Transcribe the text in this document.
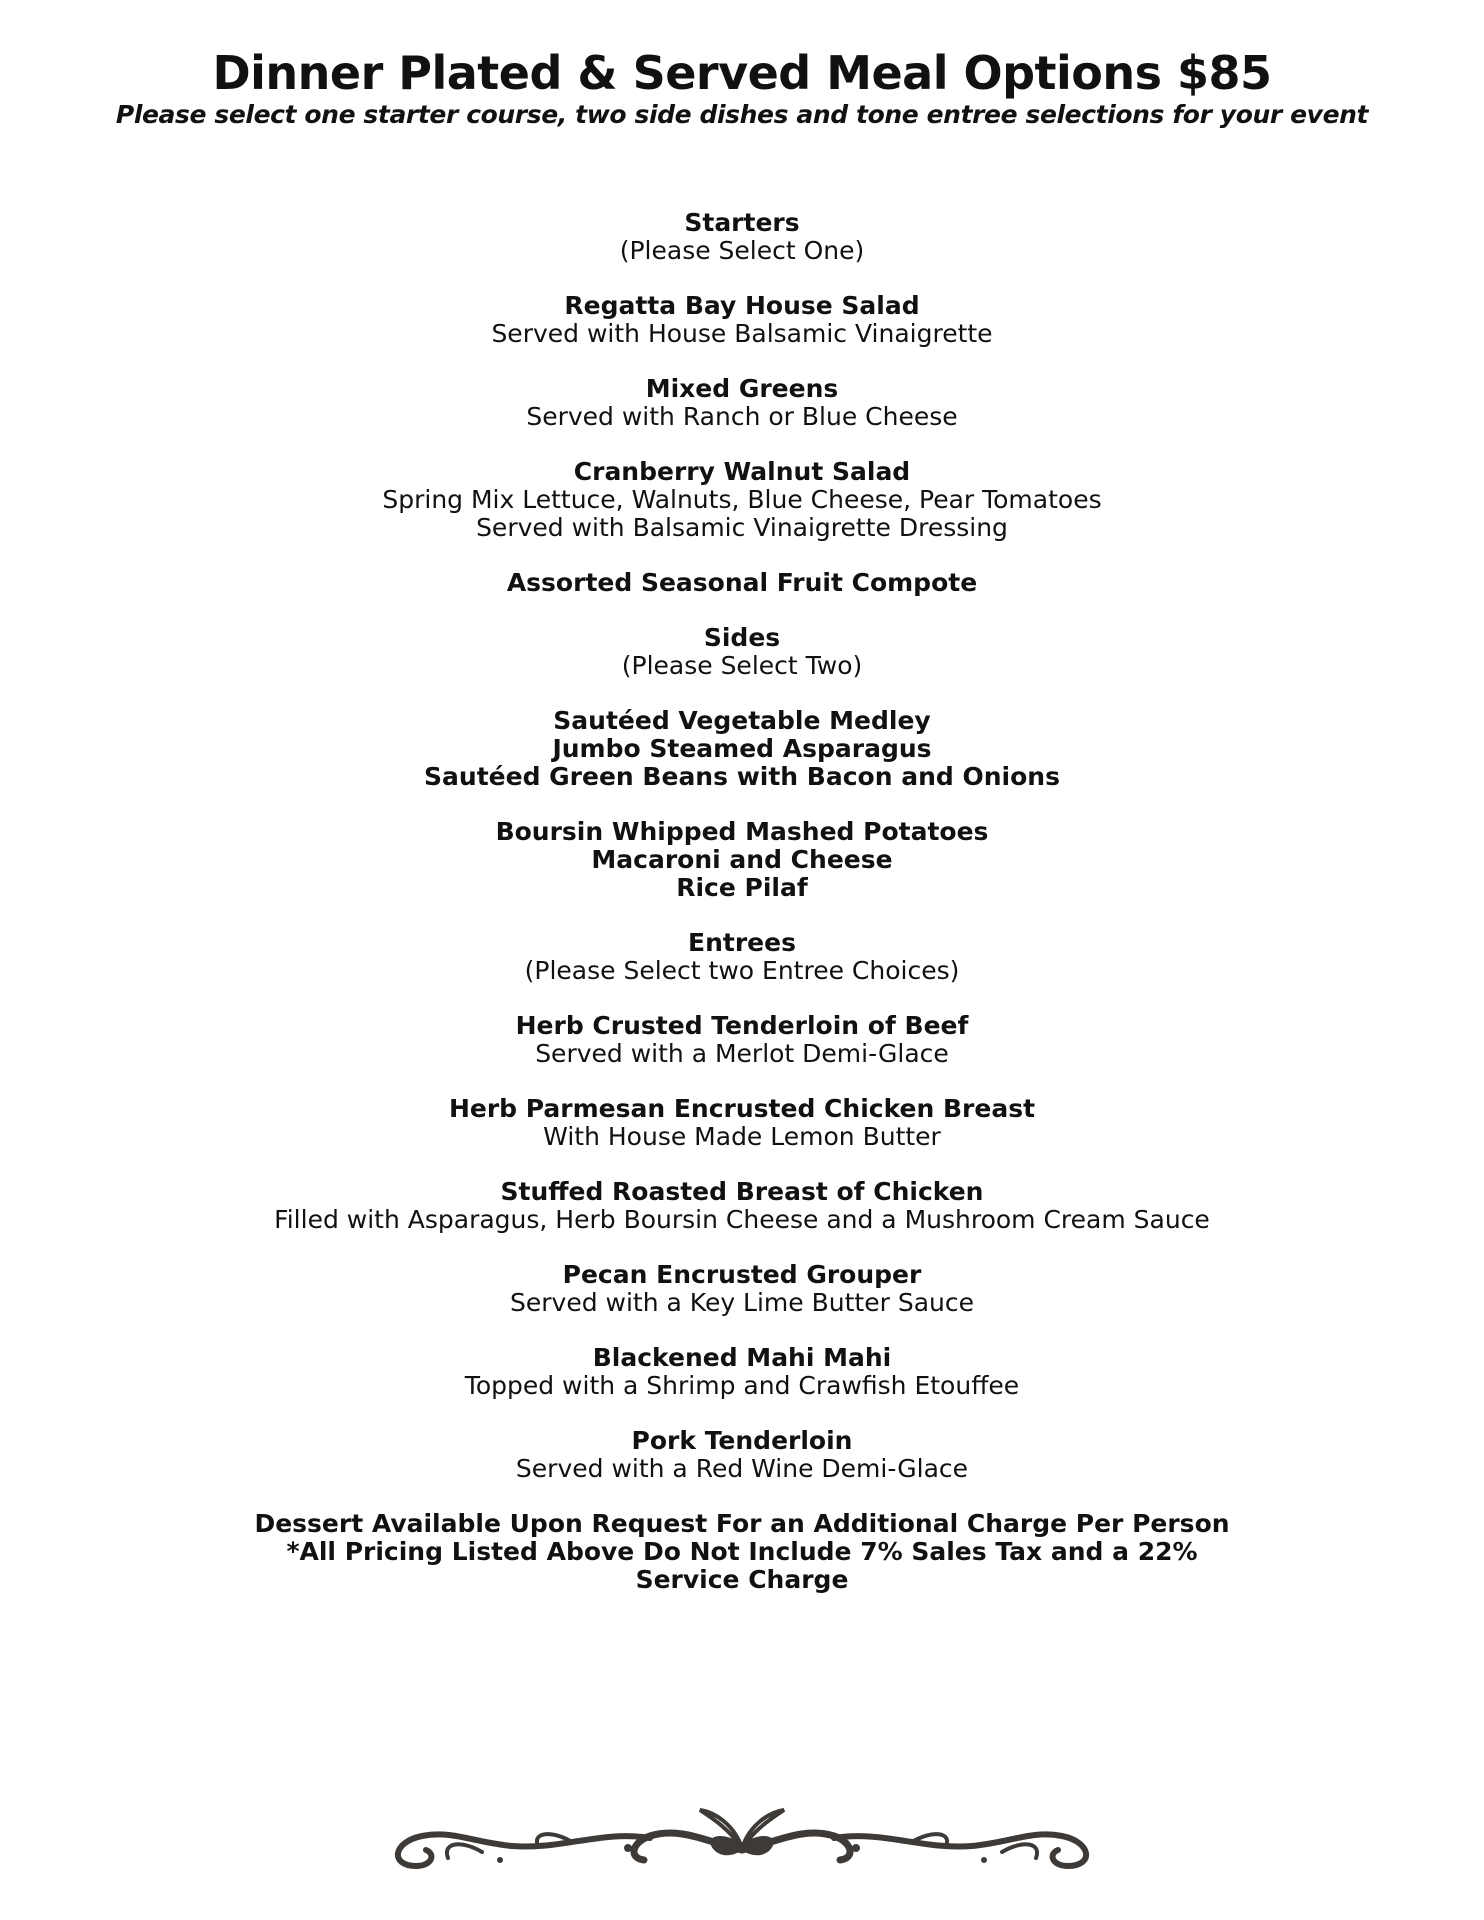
Dinner Plated & Served Meal Options $85

Please select one starter course, two side dishes and tone entree selections for your event

Starters
(Please Select One)
Regatta Bay House Salad
Served with House Balsamic Vinaigrette
Mixed Greens
Served with Ranch or Blue Cheese
Cranberry Walnut Salad
Spring Mix Lettuce, Walnuts, Blue Cheese, Pear Tomatoes
Served with Balsamic Vinaigrette Dressing
Assorted Seasonal Fruit Compote
Sides
(Please Select Two)
Sautéed Vegetable Medley
Jumbo Steamed Asparagus
Sautéed Green Beans with Bacon and Onions
Boursin Whipped Mashed Potatoes
Macaroni and Cheese
Rice Pilaf
Entrees
(Please Select two Entree Choices)
Herb Crusted Tenderloin of Beef
Served with a Merlot Demi-Glace
Herb Parmesan Encrusted Chicken Breast
With House Made Lemon Butter
Stuffed Roasted Breast of Chicken
Filled with Asparagus, Herb Boursin Cheese and a Mushroom Cream Sauce
Pecan Encrusted Grouper
Served with a Key Lime Butter Sauce
Blackened Mahi Mahi
Topped with a Shrimp and Crawfish Etouffee
Pork Tenderloin
Served with a Red Wine Demi-Glace
Dessert Available Upon Request For an Additional Charge Per Person
*All Pricing Listed Above Do Not Include 7% Sales Tax and a 22% Service Charge
